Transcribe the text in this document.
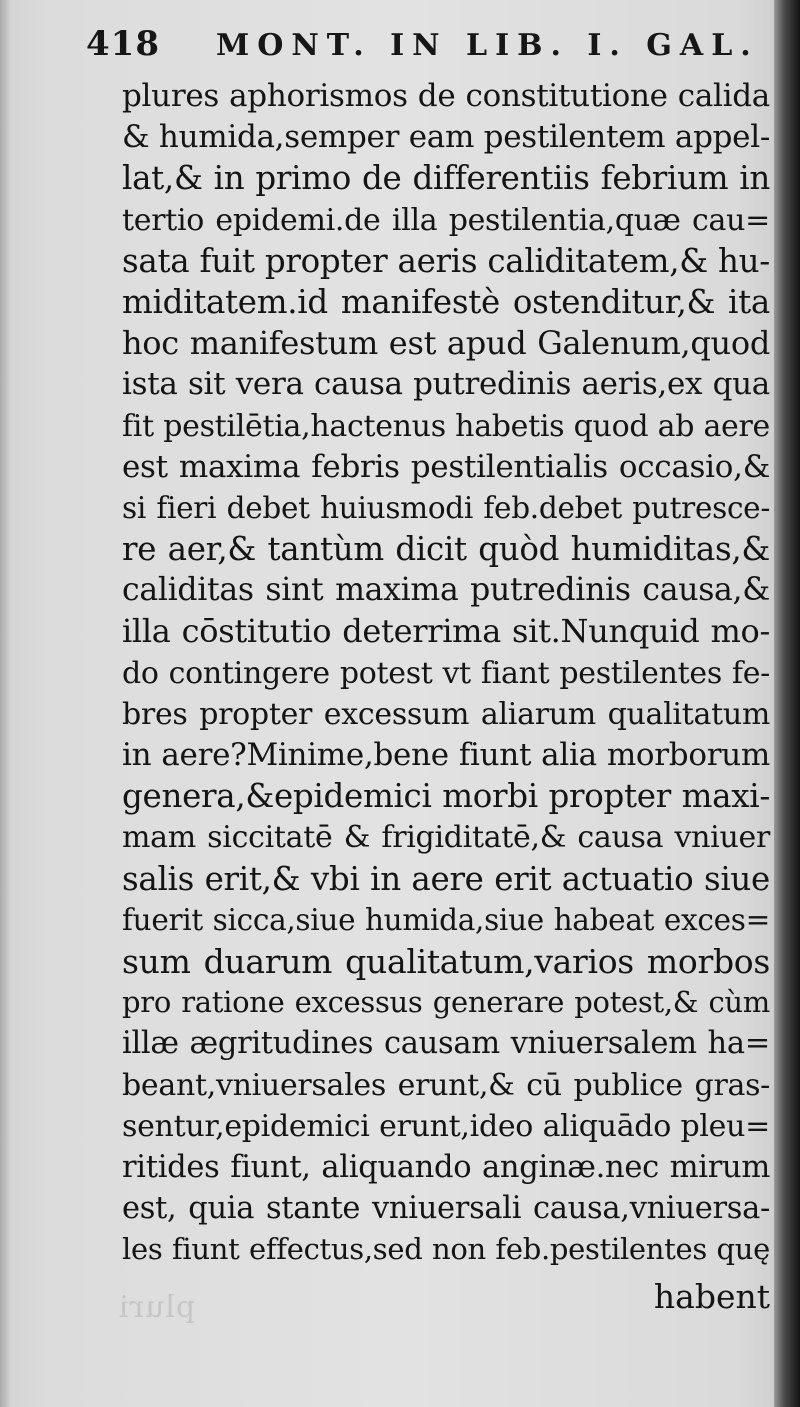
pluri
418 MONT. IN LIB. I. GAL.
plures aphorismos de constitutione calida
& humida,semper eam pestilentem appel-
lat,& in primo de differentiis febrium in
tertio epidemi.de illa pestilentia,quæ cau=
sata fuit propter aeris caliditatem,& hu-
miditatem.id manifestè ostenditur,& ita
hoc manifestum est apud Galenum,quod
ista sit vera causa putredinis aeris,ex qua
fit pestilētia,hactenus habetis quod ab aere
est maxima febris pestilentialis occasio,&
si fieri debet huiusmodi feb.debet putresce-
re aer,& tantùm dicit quòd humiditas,&
caliditas sint maxima putredinis causa,&
illa cōstitutio deterrima sit.Nunquid mo-
do contingere potest vt fiant pestilentes fe-
bres propter excessum aliarum qualitatum
in aere?Minime,bene fiunt alia morborum
genera,&epidemici morbi propter maxi-
mam siccitatē & frigiditatē,& causa vniuer
salis erit,& vbi in aere erit actuatio siue
fuerit sicca,siue humida,siue habeat exces=
sum duarum qualitatum,varios morbos
pro ratione excessus generare potest,& cùm
illæ ægritudines causam vniuersalem ha=
beant,vniuersales erunt,& cū publice gras-
sentur,epidemici erunt,ideo aliquādo pleu=
ritides fiunt, aliquando anginæ.nec mirum
est, quia stante vniuersali causa,vniuersa-
les fiunt effectus,sed non feb.pestilentes quę
habent
